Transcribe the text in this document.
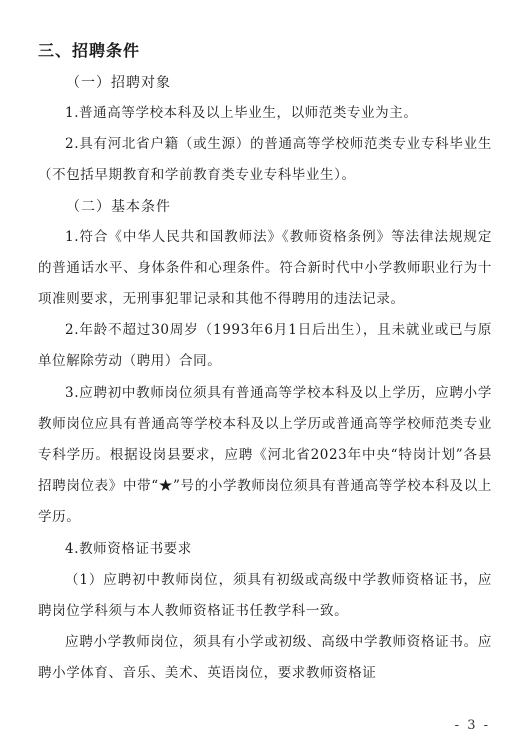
三、招聘条件

（一）招聘对象

1.普通高等学校本科及以上毕业生，以师范类专业为主。

2.具有河北省户籍（或生源）的普通高等学校师范类专业专科毕业生（不包括早期教育和学前教育类专业专科毕业生）。

（二）基本条件

1.符合《中华人民共和国教师法》《教师资格条例》等法律法规规定的普通话水平、身体条件和心理条件。符合新时代中小学教师职业行为十项准则要求，无刑事犯罪记录和其他不得聘用的违法记录。

2.年龄不超过30周岁（1993年6月1日后出生），且未就业或已与原单位解除劳动（聘用）合同。

3.应聘初中教师岗位须具有普通高等学校本科及以上学历，应聘小学教师岗位应具有普通高等学校本科及以上学历或普通高等学校师范类专业专科学历。根据设岗县要求，应聘《河北省2023年中央“特岗计划”各县招聘岗位表》中带“★”号的小学教师岗位须具有普通高等学校本科及以上学历。

4.教师资格证书要求

（1）应聘初中教师岗位，须具有初级或高级中学教师资格证书，应聘岗位学科须与本人教师资格证书任教学科一致。

应聘小学教师岗位，须具有小学或初级、高级中学教师资格证书。应聘小学体育、音乐、美术、英语岗位，要求教师资格证

- 3 -
